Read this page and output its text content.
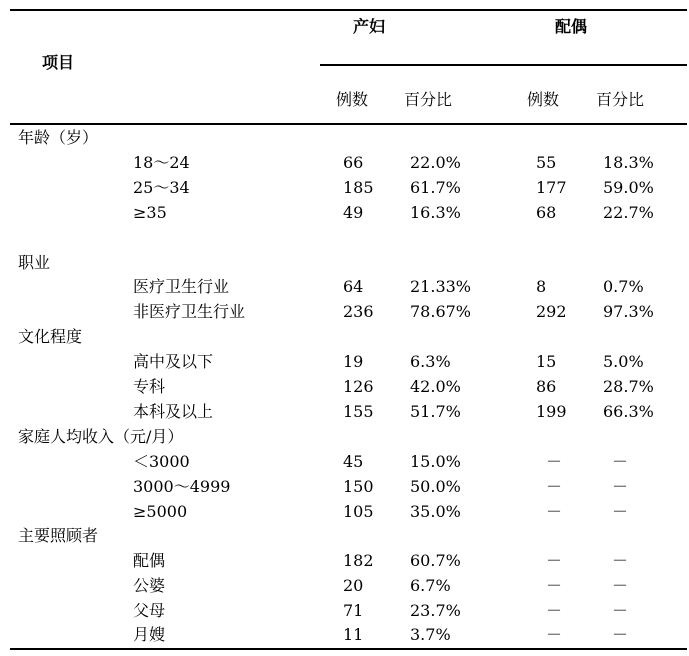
项目
产妇	配偶
例数 百分比	例数 百分比
年龄（岁）
18～24	66	22.0%	55	18.3%
25～34	185 61.7%	177 59.0%
≥35	49	16.3%	68	22.7%
职业
医疗卫生行业	64	21.33%	8	0.7%
非医疗卫生行业	236 78.67%	292 97.3%
文化程度
高中及以下	19	6.3%	15	5.0%
专科	126 42.0%	86	28.7%
本科及以上	155 51.7%	199 66.3%
家庭人均收入（元/月）
＜3000	45	15.0%	－	－
3000～4999	150 50.0%	－	－
≥5000	105 35.0%	－	－
主要照顾者
配偶	182 60.7%	－	－
公婆	20	6.7%	－	－
父母	71	23.7%	－	－
月嫂	11	3.7%	－	－
